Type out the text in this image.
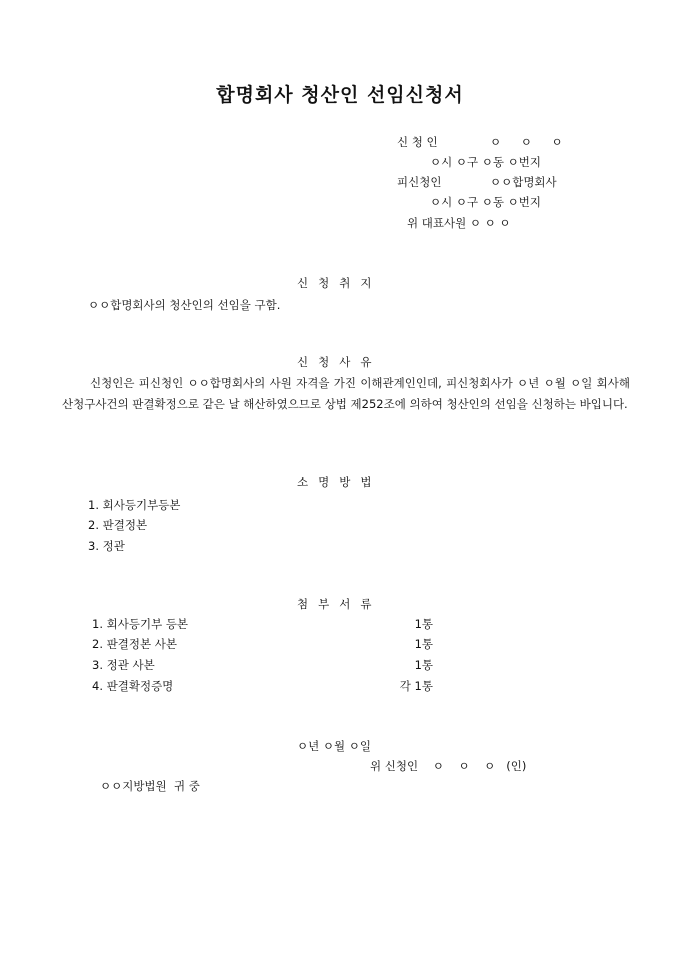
합명회사 청산인 선임신청서
신 청 인	ㅇ ㅇ ㅇ
ㅇ시 ㅇ구 ㅇ동 ㅇ번지
피신청인	ㅇㅇ합명회사
ㅇ시 ㅇ구 ㅇ동 ㅇ번지
위 대표사원 ㅇ ㅇ ㅇ
신청취지
ㅇㅇ합명회사의 청산인의 선임을 구함.
신청사유
신청인은 피신청인 ㅇㅇ합명회사의 사원 자격을 가진 이해관계인인데, 피신청회사가 ㅇ년 ㅇ월 ㅇ일 회사해산청구사건의 판결확정으로 같은 날 해산하였으므로 상법 제252조에 의하여 청산인의 선임을 신청하는 바입니다.
소명방법
1. 회사등기부등본
2. 판결정본
3. 정관
첨부서류
1. 회사등기부 등본	1통
2. 판결정본 사본	1통
3. 정관 사본	1통
4. 판결확정증명	각 1통
ㅇ년 ㅇ월 ㅇ일
위 신청인    ㅇ    ㅇ    ㅇ   (인)
ㅇㅇ지방법원  귀 중
